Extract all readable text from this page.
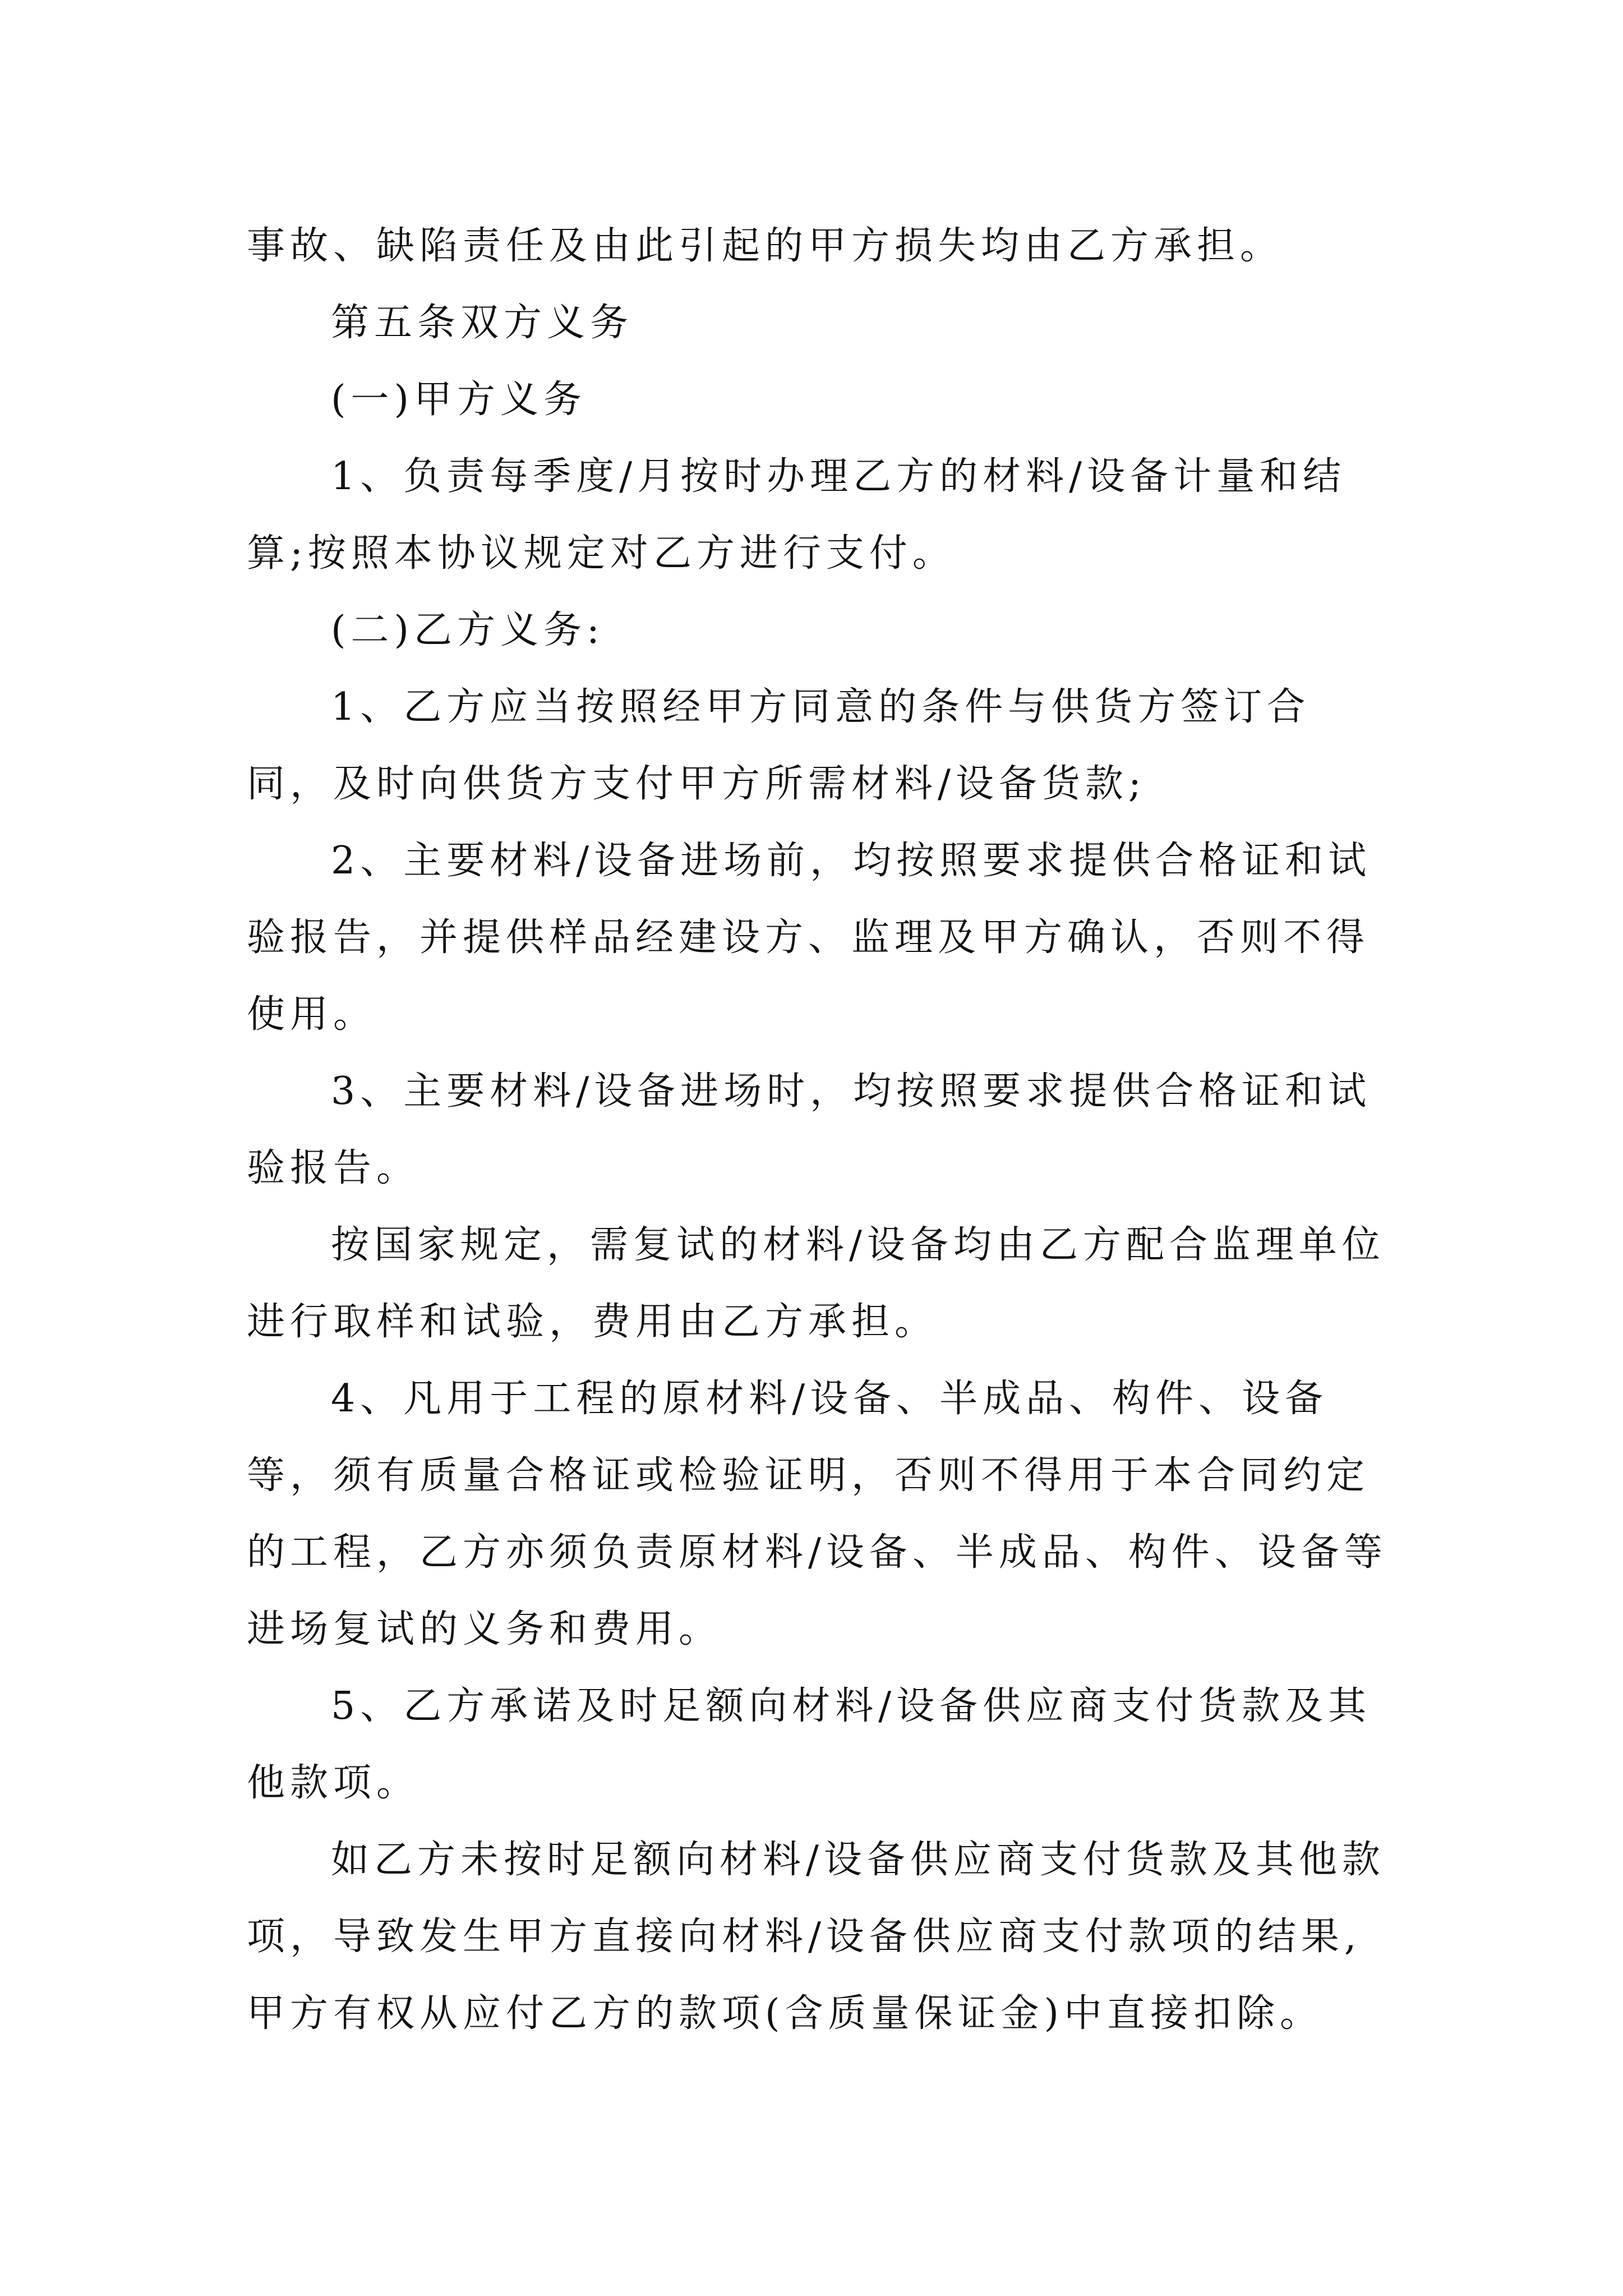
事故、缺陷责任及由此引起的甲方损失均由乙方承担。

第五条双方义务

(一)甲方义务

1、负责每季度/月按时办理乙方的材料/设备计量和结算;按照本协议规定对乙方进行支付。

(二)乙方义务:

1、乙方应当按照经甲方同意的条件与供货方签订合同，及时向供货方支付甲方所需材料/设备货款;

2、主要材料/设备进场前，均按照要求提供合格证和试验报告，并提供样品经建设方、监理及甲方确认，否则不得使用。

3、主要材料/设备进场时，均按照要求提供合格证和试验报告。

按国家规定，需复试的材料/设备均由乙方配合监理单位进行取样和试验，费用由乙方承担。

4、凡用于工程的原材料/设备、半成品、构件、设备等，须有质量合格证或检验证明，否则不得用于本合同约定的工程，乙方亦须负责原材料/设备、半成品、构件、设备等进场复试的义务和费用。

5、乙方承诺及时足额向材料/设备供应商支付货款及其他款项。

如乙方未按时足额向材料/设备供应商支付货款及其他款项，导致发生甲方直接向材料/设备供应商支付款项的结果,甲方有权从应付乙方的款项(含质量保证金)中直接扣除。
